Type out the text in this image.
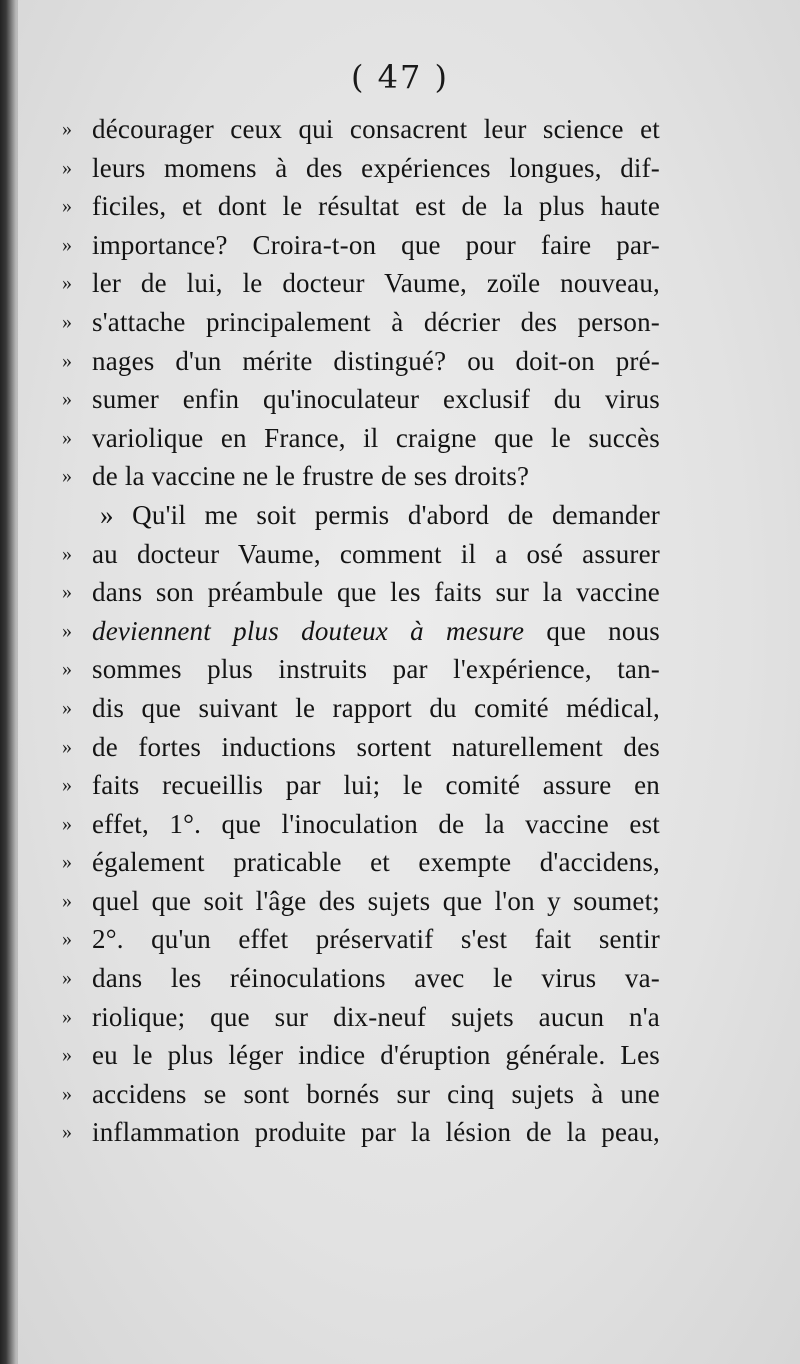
( 47 )
» décourager ceux qui consacrent leur science et
» leurs momens à des expériences longues, dif-
» ficiles, et dont le résultat est de la plus haute
» importance? Croira-t-on que pour faire par-
» ler de lui, le docteur Vaume, zoïle nouveau,
» s'attache principalement à décrier des person-
» nages d'un mérite distingué? ou doit-on pré-
» sumer enfin qu'inoculateur exclusif du virus
» variolique en France, il craigne que le succès
» de la vaccine ne le frustre de ses droits?
» Qu'il me soit permis d'abord de demander
» au docteur Vaume, comment il a osé assurer
» dans son préambule que les faits sur la vaccine
» deviennent plus douteux à mesure que nous
» sommes plus instruits par l'expérience, tan-
» dis que suivant le rapport du comité médical,
» de fortes inductions sortent naturellement des
» faits recueillis par lui; le comité assure en
» effet, 1°. que l'inoculation de la vaccine est
» également praticable et exempte d'accidens,
» quel que soit l'âge des sujets que l'on y soumet;
» 2°. qu'un effet préservatif s'est fait sentir
» dans les réinoculations avec le virus va-
» riolique; que sur dix-neuf sujets aucun n'a
» eu le plus léger indice d'éruption générale. Les
» accidens se sont bornés sur cinq sujets à une
» inflammation produite par la lésion de la peau,
